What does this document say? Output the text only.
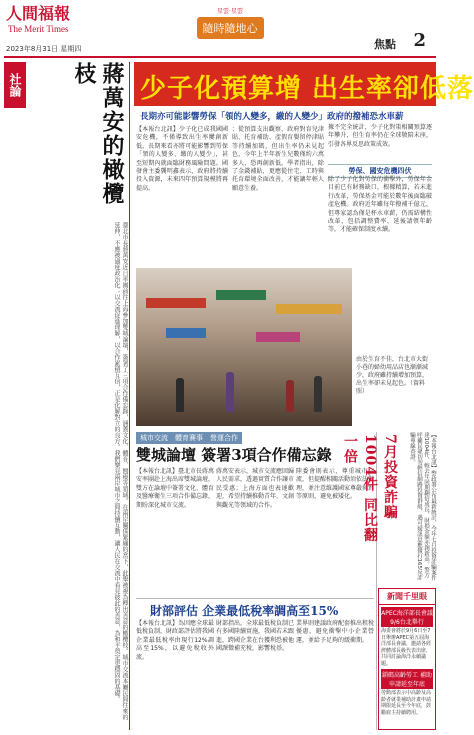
人間福報
The Merit Times
2023年8月31日 星期四
星雲·星雲
隨時隨地心
焦點 2
社論	蔣萬安的橄欖枝
臺北市長蔣萬安近日率團前往上海參加雙城論壇，簽署了三項合作備忘錄，涵蓋文化、體育、醫療等領域。在兩岸關係緊繃的當下，此舉被視為釋出善意的橄欖枝。城市交流本屬民間往來的延伸，不應被過度政治化；以交流促進理解，以合作累積互信，正是化解對立的良方。我們樂見兩岸城市之間持續互動，讓人民在交流中看見彼此的善意，為和平奠定更穩固的基礎。
少子化預算增 出生率卻低落
長期亦可能影響勞保「領的人變多，繳的人變少」政府的撥補恐水車薪
【本報台北訊】少子化已成我國國安危機，不僅導致出生率屢創新低，長期來看亦將可能影響到勞保「領的人變多、繳的人變少」，甚至短期內就面臨財務風險問題。國發會主委龔明鑫表示，政府將持續投入資源，未來四年預算規模將再提高。
；從預算支出觀察，政府對育兒津貼、托育補助、產假育嬰留停津貼等持續加碼，但出生率仍未見起色，今年上半年新生兒數僅約六萬多人，恐再創新低。學者指出，除了金錢補貼，更應從住宅、工時與托育環境全面改善，才能讓年輕人願意生養。
據不完全統計，少子化對策相關預算逐年攀升，但生育率仍在全球敬陪末座，引發各界反思政策成效。
勞保、國安危機四伏
除了少子化對勞保的衝擊外，勞保年金目前已有財務缺口，根據精算，若未進行改革，勞保基金可能於數年後面臨破產危機。政府近年雖每年撥補千億元，但專家認為僅是杯水車薪，仍需結構性改革，包括調整費率、延後請領年齡等，才能確保制度永續。
由於生育不佳，台北市大街小巷的婦幼用品店也漸漸減少，政府雖持續增加預算，出生率卻未見起色。（資料照）
城市交流　體育賽事　營運合作
雙城論壇 簽署3項合作備忘錄
【本報台北訊】臺北市長蔣萬安率團赴上海出席雙城論壇，雙方在論壇中簽署文化、體育及醫療衛生三項合作備忘錄，期盼深化城市交流。
蔣萬安表示，城市交流應回歸人民需求，透過實質合作讓市民受惠；上海方面也表達歡迎，希望持續推動青年、文創與觀光等領域的合作。
陸委會則表示，尊重城市交流，但提醒相關活動須依法辦理，並注意維護國家尊嚴與對等原則，避免被矮化。
財部評估 企業最低稅率調高至15%
【本報台北訊】為因應全球最低稅負制，財政部評估將我國企業最低稅率由現行12%調高至15%，以避免稅收外流。
財部指出，全球最低稅負制已有多國陸續實施，我國若未跟進，跨國企業在台獲利恐被他國課徵補充稅，影響稅基。
業界則建議政府配套推出租稅優惠，避免衝擊中小企業營運，並給予足夠的緩衝期。
7月投資詐騙1004件 同比翻一倍	【本報台北訊】警政署公布最新統計，今年七月投資詐騙案件達1004件，較去年同期翻倍成長，財損金額亦創新高。警方呼籲民眾切勿輕信網路投資群組，遇可疑訊息應撥打165反詐騙專線查證。
新聞千里眼
APEC海洋部長會議 9/6台北舉行
海委會將於9月6日至7日舉辦APEC第五屆海洋部長會議，邀請各經濟體部長級代表出席，共同討論海洋永續議題。
鎖碼高齡勞工 補助申請延至年底
勞動部表示中高齡及高齡者就業補助計畫申請期限延長至今年底，鼓勵雇主持續聘用。
